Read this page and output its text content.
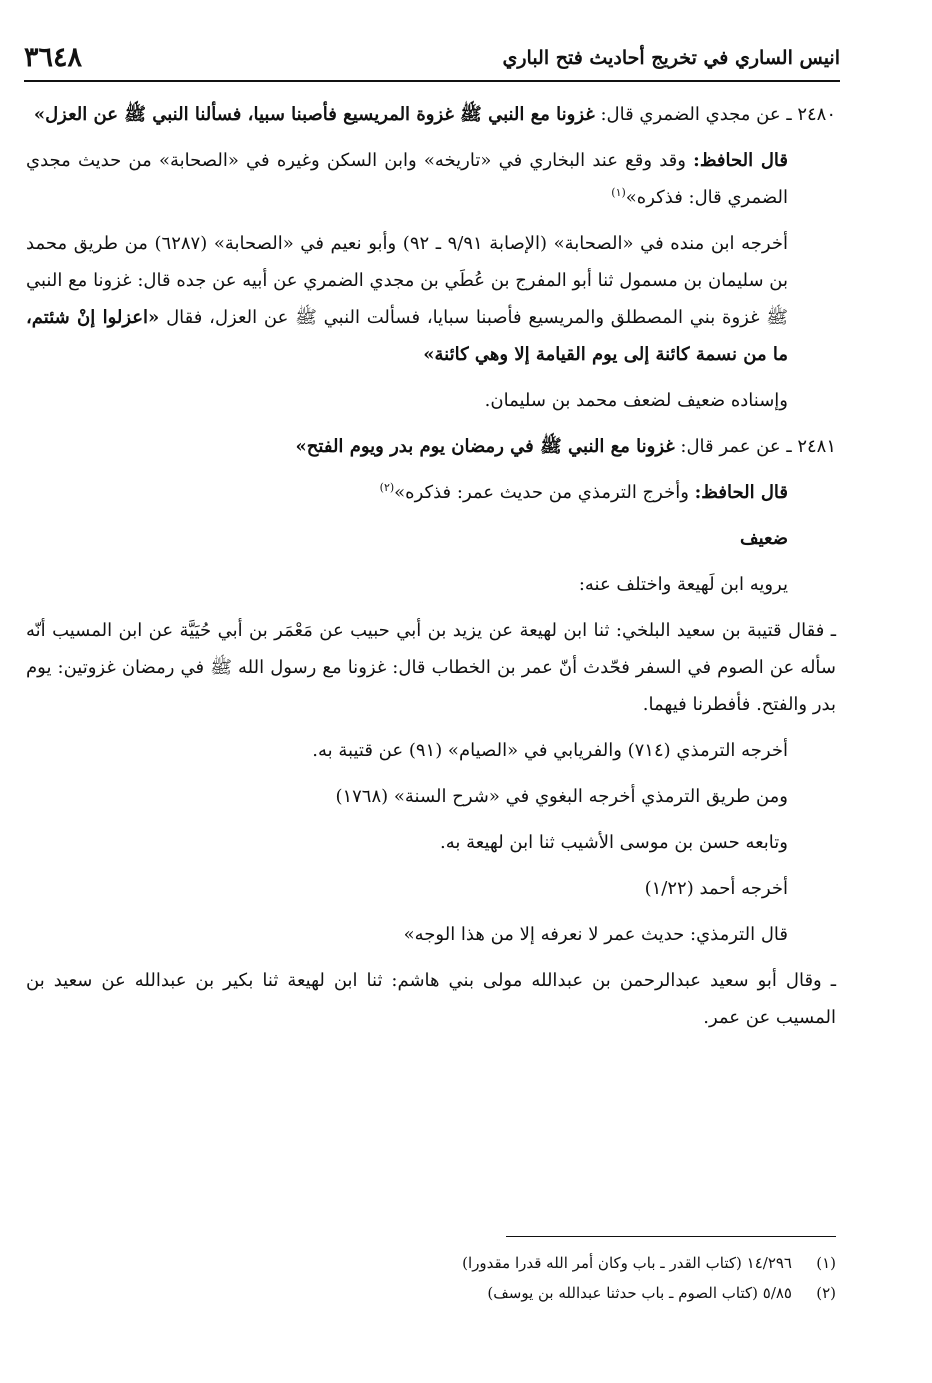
٣٦٤٨	انيس الساري في تخريج أحاديث فتح الباري

٢٤٨٠ ـ عن مجدي الضمري قال: غزونا مع النبي ﷺ غزوة المريسيع فأصبنا سبيا، فسألنا النبي ﷺ عن العزل»

قال الحافظ: وقد وقع عند البخاري في «تاريخه» وابن السكن وغيره في «الصحابة» من حديث مجدي الضمري قال: فذكره»$^{(١)}$

أخرجه ابن منده في «الصحابة» (الإصابة ٩/٩١ ـ ٩٢) وأبو نعيم في «الصحابة» (٦٢٨٧) من طريق محمد بن سليمان بن مسمول ثنا أبو المفرج بن عُطَي بن مجدي الضمري عن أبيه عن جده قال: غزونا مع النبي ﷺ غزوة بني المصطلق والمريسيع فأصبنا سبايا، فسألت النبي ﷺ عن العزل، فقال «اعزلوا إنْ شئتم، ما من نسمة كائنة إلى يوم القيامة إلا وهي كائنة»

وإسناده ضعيف لضعف محمد بن سليمان.

٢٤٨١ ـ عن عمر قال: غزونا مع النبي ﷺ في رمضان يوم بدر ويوم الفتح»

قال الحافظ: وأخرج الترمذي من حديث عمر: فذكره»$^{(٢)}$

ضعيف

يرويه ابن لَهيعة واختلف عنه:

ـ فقال قتيبة بن سعيد البلخي: ثنا ابن لهيعة عن يزيد بن أبي حبيب عن مَعْمَر بن أبي حُيَيَّة عن ابن المسيب أنّه سأله عن الصوم في السفر فحّدث أنّ عمر بن الخطاب قال: غزونا مع رسول الله ﷺ في رمضان غزوتين: يوم بدر والفتح. فأفطرنا فيهما.

أخرجه الترمذي (٧١٤) والفريابي في «الصيام» (٩١) عن قتيبة به.

ومن طريق الترمذي أخرجه البغوي في «شرح السنة» (١٧٦٨)

وتابعه حسن بن موسى الأشيب ثنا ابن لهيعة به.

أخرجه أحمد (١/٢٢)

قال الترمذي: حديث عمر لا نعرفه إلا من هذا الوجه»

ـ وقال أبو سعيد عبدالرحمن بن عبدالله مولى بني هاشم: ثنا ابن لهيعة ثنا بكير بن عبدالله عن سعيد بن المسيب عن عمر.

(١)١٤/٢٩٦ (كتاب القدر ـ باب وكان أمر الله قدرا مقدورا)

(٢)٥/٨٥ (كتاب الصوم ـ باب حدثنا عبدالله بن يوسف)
